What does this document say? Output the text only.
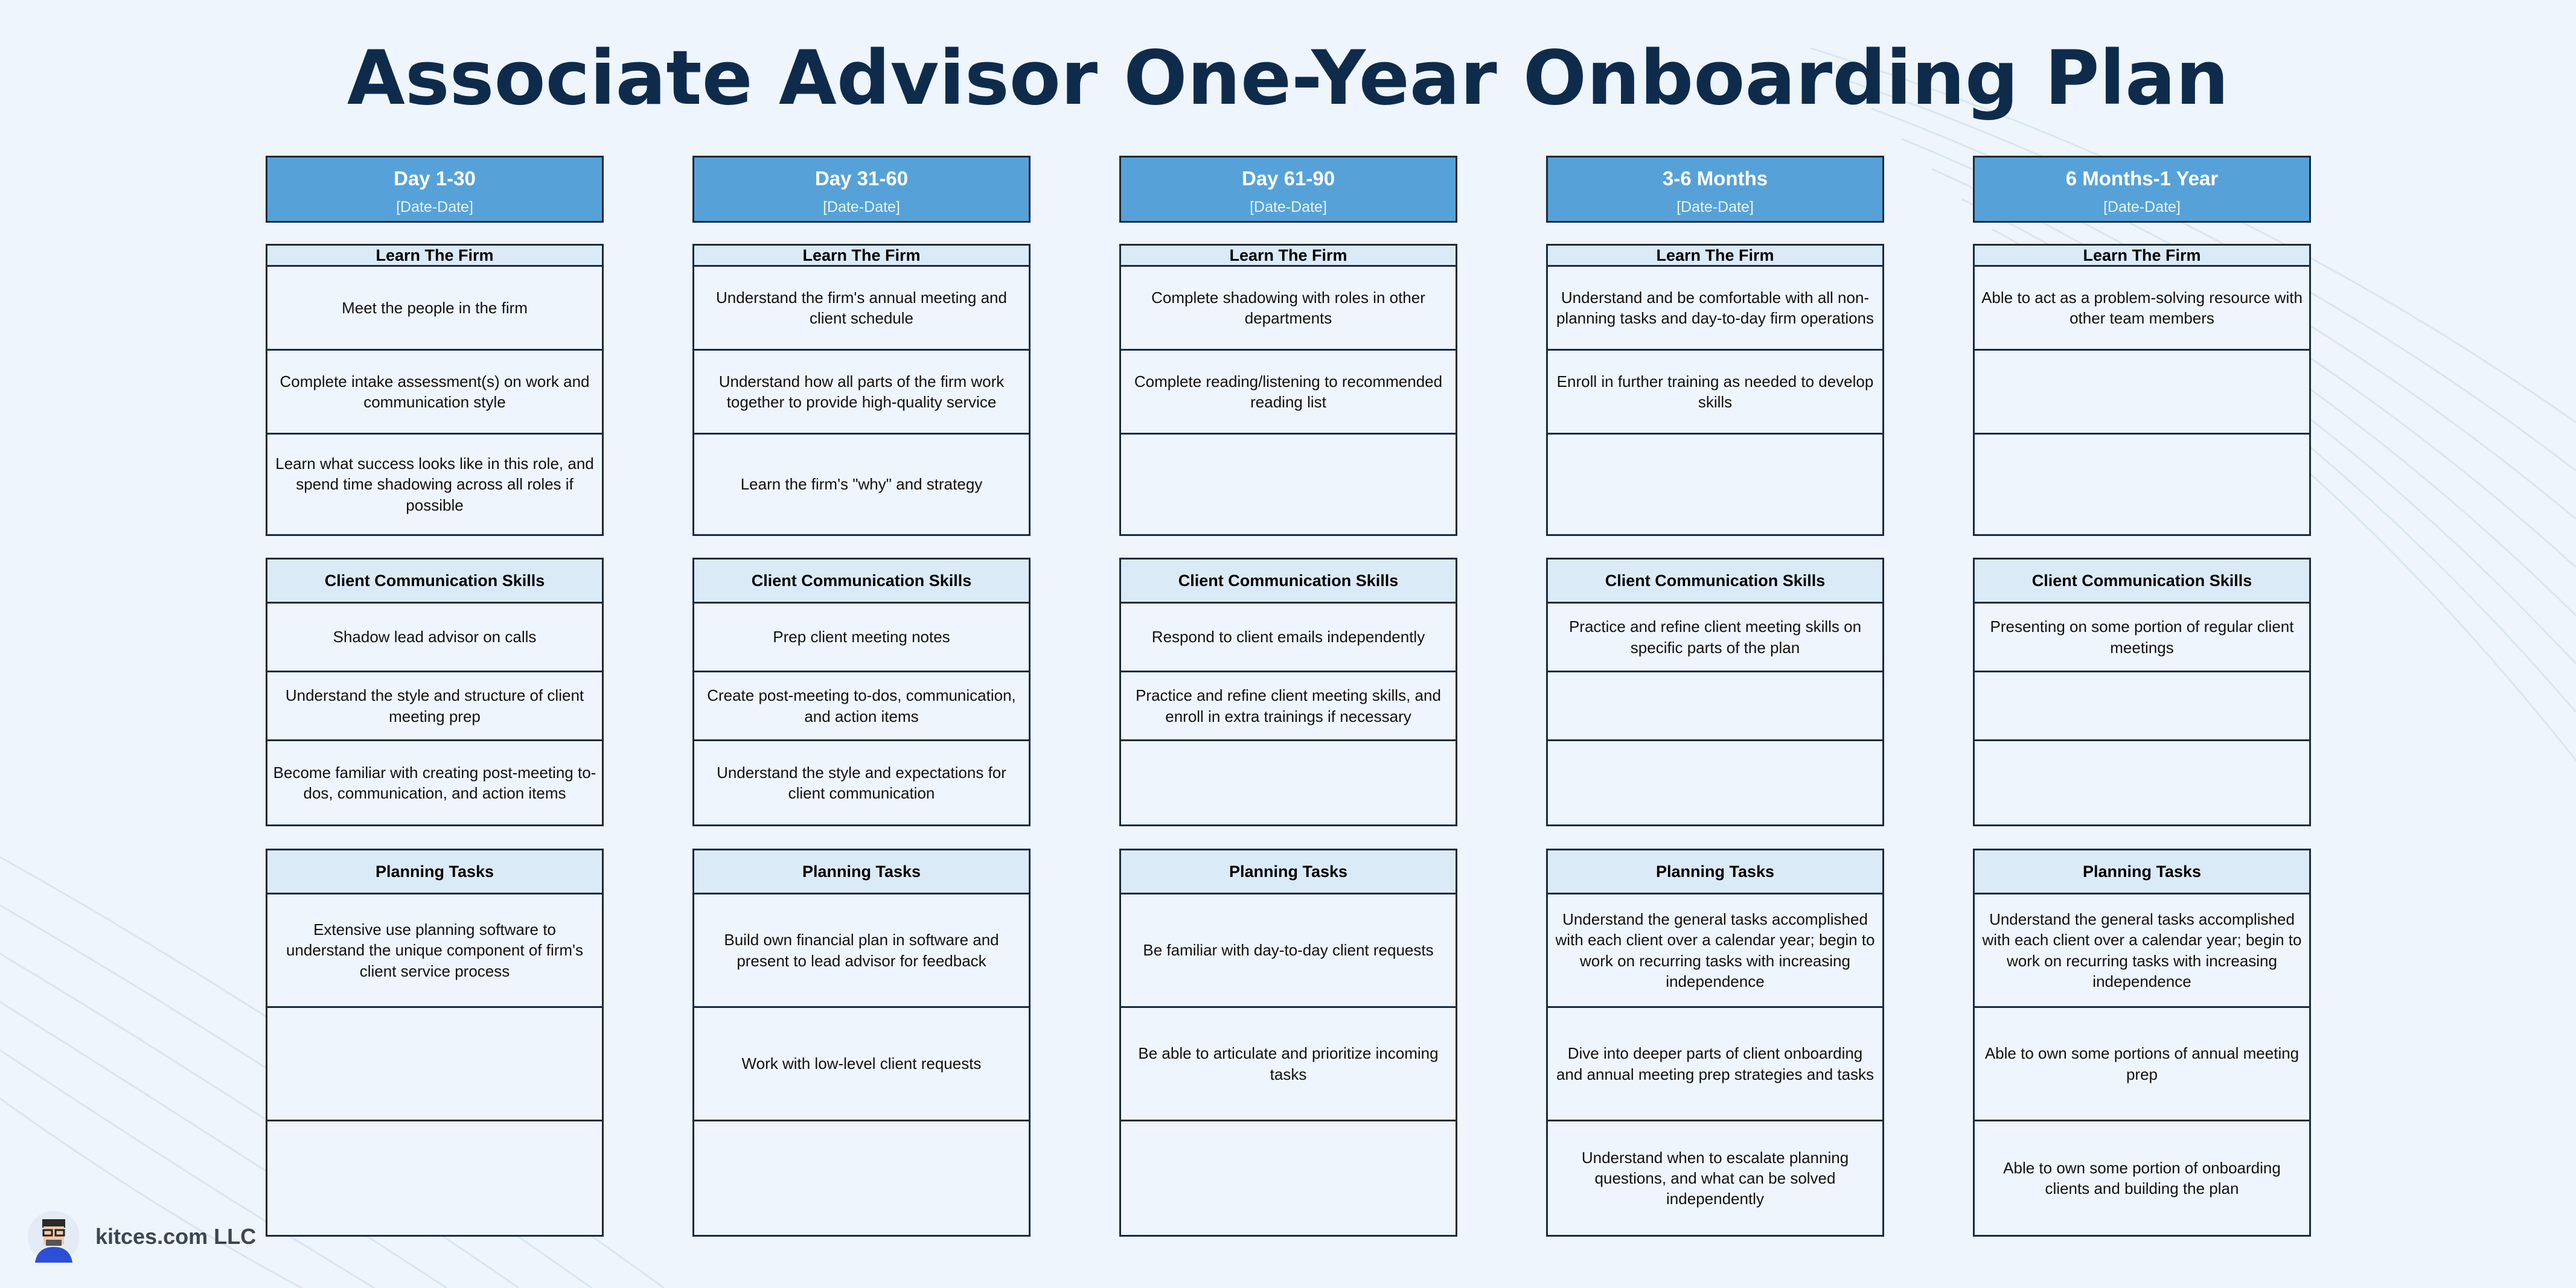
Associate Advisor One-Year Onboarding Plan
Day 1-30
[Date-Date]
Learn The Firm
Meet the people in the firm
Complete intake assessment(s) on work and communication style
Learn what success looks like in this role, and spend time shadowing across all roles if possible
Client Communication Skills
Shadow lead advisor on calls
Understand the style and structure of client meeting prep
Become familiar with creating post-meeting to-dos, communication, and action items
Planning Tasks
Extensive use planning software to understand the unique component of firm's client service process
Day 31-60
[Date-Date]
Learn The Firm
Understand the firm's annual meeting and client schedule
Understand how all parts of the firm work together to provide high-quality service
Learn the firm's "why" and strategy
Client Communication Skills
Prep client meeting notes
Create post-meeting to-dos, communication, and action items
Understand the style and expectations for client communication
Planning Tasks
Build own financial plan in software and present to lead advisor for feedback
Work with low-level client requests
Day 61-90
[Date-Date]
Learn The Firm
Complete shadowing with roles in other departments
Complete reading/listening to recommended reading list
Client Communication Skills
Respond to client emails independently
Practice and refine client meeting skills, and enroll in extra trainings if necessary
Planning Tasks
Be familiar with day-to-day client requests
Be able to articulate and prioritize incoming tasks
3-6 Months
[Date-Date]
Learn The Firm
Understand and be comfortable with all non-planning tasks and day-to-day firm operations
Enroll in further training as needed to develop skills
Client Communication Skills
Practice and refine client meeting skills on specific parts of the plan
Planning Tasks
Understand the general tasks accomplished with each client over a calendar year; begin to work on recurring tasks with increasing independence
Dive into deeper parts of client onboarding and annual meeting prep strategies and tasks
Understand when to escalate planning questions, and what can be solved independently
6 Months-1 Year
[Date-Date]
Learn The Firm
Able to act as a problem-solving resource with other team members
Client Communication Skills
Presenting on some portion of regular client meetings
Planning Tasks
Understand the general tasks accomplished with each client over a calendar year; begin to work on recurring tasks with increasing independence
Able to own some portions of annual meeting prep
Able to own some portion of onboarding clients and building the plan
kitces.com LLC
